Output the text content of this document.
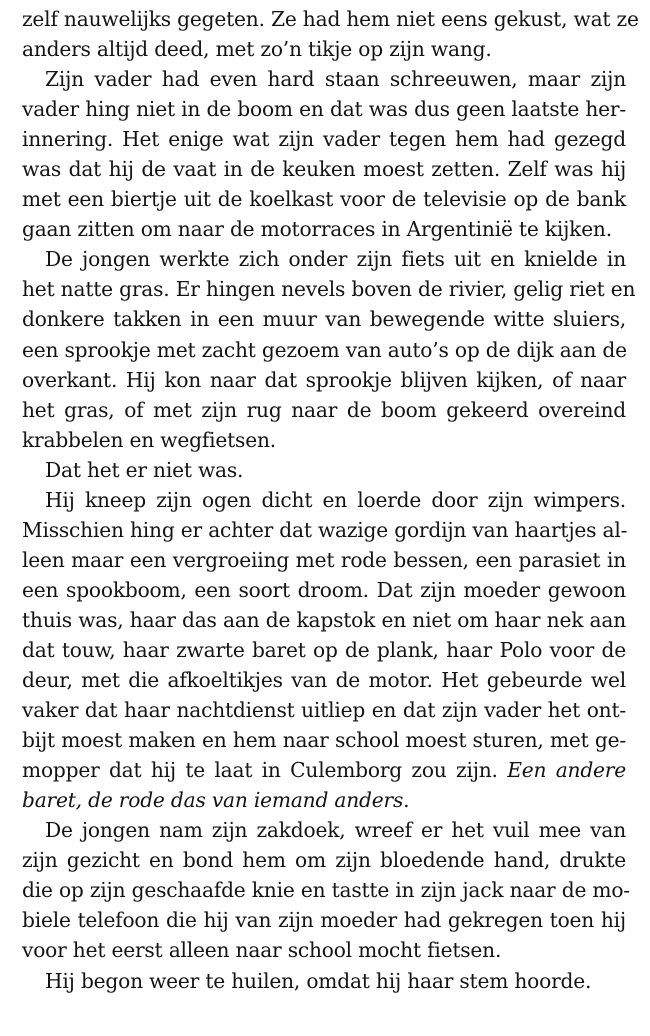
zelf nauwelijks gegeten. Ze had hem niet eens gekust, wat ze
anders altijd deed, met zo’n tikje op zijn wang.
Zijn vader had even hard staan schreeuwen, maar zijn
vader hing niet in de boom en dat was dus geen laatste her-
innering. Het enige wat zijn vader tegen hem had gezegd
was dat hij de vaat in de keuken moest zetten. Zelf was hij
met een biertje uit de koelkast voor de televisie op de bank
gaan zitten om naar de motorraces in Argentinië te kijken.
De jongen werkte zich onder zijn fiets uit en knielde in
het natte gras. Er hingen nevels boven de rivier, gelig riet en
donkere takken in een muur van bewegende witte sluiers,
een sprookje met zacht gezoem van auto’s op de dijk aan de
overkant. Hij kon naar dat sprookje blijven kijken, of naar
het gras, of met zijn rug naar de boom gekeerd overeind
krabbelen en wegfietsen.
Dat het er niet was.
Hij kneep zijn ogen dicht en loerde door zijn wimpers.
Misschien hing er achter dat wazige gordijn van haartjes al-
leen maar een vergroeiing met rode bessen, een parasiet in
een spookboom, een soort droom. Dat zijn moeder gewoon
thuis was, haar das aan de kapstok en niet om haar nek aan
dat touw, haar zwarte baret op de plank, haar Polo voor de
deur, met die afkoeltikjes van de motor. Het gebeurde wel
vaker dat haar nachtdienst uitliep en dat zijn vader het ont-
bijt moest maken en hem naar school moest sturen, met ge-
mopper dat hij te laat in Culemborg zou zijn. Een andere
baret, de rode das van iemand anders.
De jongen nam zijn zakdoek, wreef er het vuil mee van
zijn gezicht en bond hem om zijn bloedende hand, drukte
die op zijn geschaafde knie en tastte in zijn jack naar de mo-
biele telefoon die hij van zijn moeder had gekregen toen hij
voor het eerst alleen naar school mocht fietsen.
Hij begon weer te huilen, omdat hij haar stem hoorde.
